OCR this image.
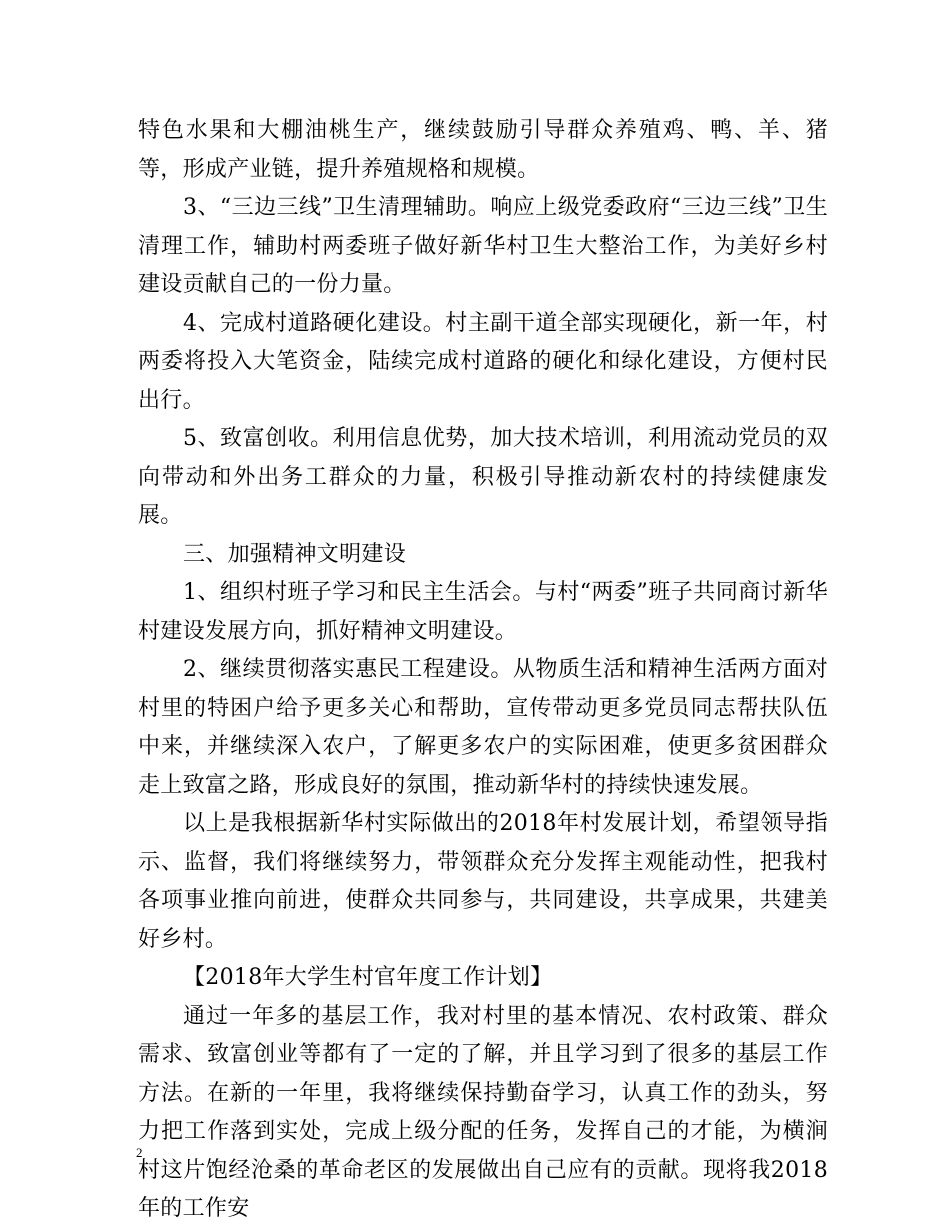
特色水果和大棚油桃生产，继续鼓励引导群众养殖鸡、鸭、羊、猪等，形成产业链，提升养殖规格和规模。

3、“三边三线”卫生清理辅助。响应上级党委政府“三边三线”卫生清理工作，辅助村两委班子做好新华村卫生大整治工作，为美好乡村建设贡献自己的一份力量。

4、完成村道路硬化建设。村主副干道全部实现硬化，新一年，村两委将投入大笔资金，陆续完成村道路的硬化和绿化建设，方便村民出行。

5、致富创收。利用信息优势，加大技术培训，利用流动党员的双向带动和外出务工群众的力量，积极引导推动新农村的持续健康发展。

三、加强精神文明建设

1、组织村班子学习和民主生活会。与村“两委”班子共同商讨新华村建设发展方向，抓好精神文明建设。

2、继续贯彻落实惠民工程建设。从物质生活和精神生活两方面对村里的特困户给予更多关心和帮助，宣传带动更多党员同志帮扶队伍中来，并继续深入农户，了解更多农户的实际困难，使更多贫困群众走上致富之路，形成良好的氛围，推动新华村的持续快速发展。

以上是我根据新华村实际做出的2018年村发展计划，希望领导指示、监督，我们将继续努力，带领群众充分发挥主观能动性，把我村各项事业推向前进，使群众共同参与，共同建设，共享成果，共建美好乡村。

【2018年大学生村官年度工作计划】

通过一年多的基层工作，我对村里的基本情况、农村政策、群众需求、致富创业等都有了一定的了解，并且学习到了很多的基层工作方法。在新的一年里，我将继续保持勤奋学习，认真工作的劲头，努力把工作落到实处，完成上级分配的任务，发挥自己的才能，为横涧村这片饱经沧桑的革命老区的发展做出自己应有的贡献。现将我2018年的工作安

2
